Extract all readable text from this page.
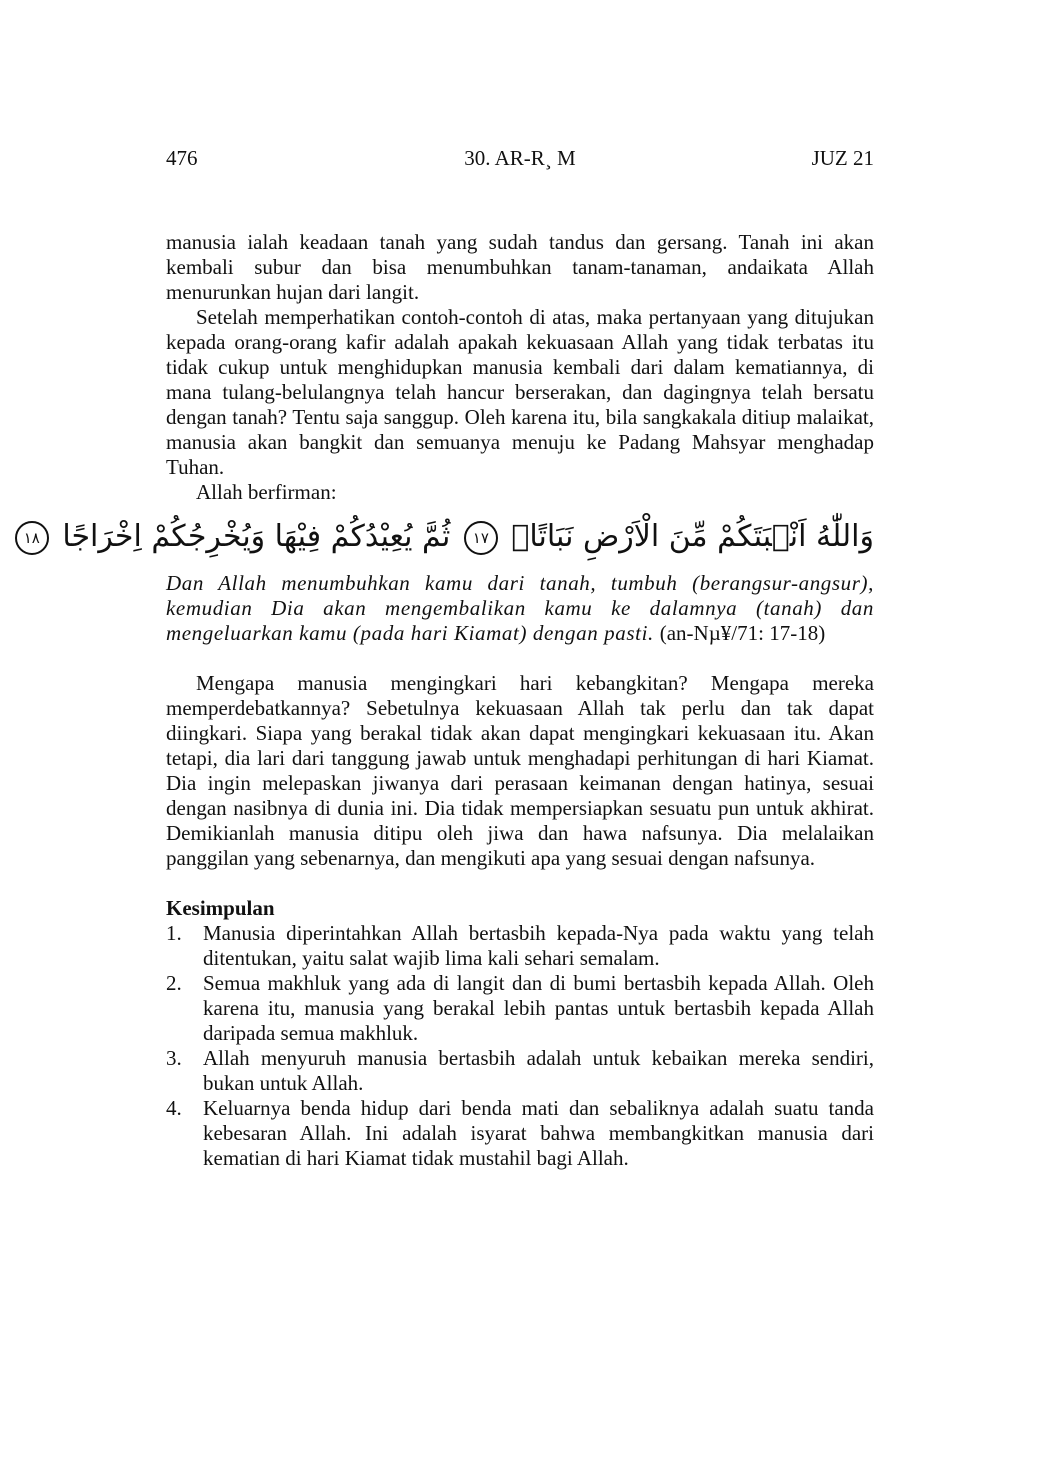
476	30. AR-R¸ M	JUZ 21

manusia ialah keadaan tanah yang sudah tandus dan gersang. Tanah ini akan kembali subur dan bisa menumbuhkan tanam-tanaman, andaikata Allah menurunkan hujan dari langit.

Setelah memperhatikan contoh-contoh di atas, maka pertanyaan yang ditujukan kepada orang-orang kafir adalah apakah kekuasaan Allah yang tidak terbatas itu tidak cukup untuk menghidupkan manusia kembali dari dalam kematiannya, di mana tulang-belulangnya telah hancur berserakan, dan dagingnya telah bersatu dengan tanah? Tentu saja sanggup. Oleh karena itu, bila sangkakala ditiup malaikat, manusia akan bangkit dan semuanya menuju ke Padang Mahsyar menghadap Tuhan.

Allah berfirman:

وَاللّٰهُ اَنْۢبَتَكُمْ مِّنَ الْاَرْضِ نَبَاتًاۙ ١٧ ثُمَّ يُعِيْدُكُمْ فِيْهَا وَيُخْرِجُكُمْ اِخْرَاجًا ١٨

Dan Allah menumbuhkan kamu dari tanah, tumbuh (berangsur-angsur), kemudian Dia akan mengembalikan kamu ke dalamnya (tanah) dan mengeluarkan kamu (pada hari Kiamat) dengan pasti. (an-Nµ¥/71: 17-18)

Mengapa manusia mengingkari hari kebangkitan? Mengapa mereka memperdebatkannya? Sebetulnya kekuasaan Allah tak perlu dan tak dapat diingkari. Siapa yang berakal tidak akan dapat mengingkari kekuasaan itu. Akan tetapi, dia lari dari tanggung jawab untuk menghadapi perhitungan di hari Kiamat. Dia ingin melepaskan jiwanya dari perasaan keimanan dengan hatinya, sesuai dengan nasibnya di dunia ini. Dia tidak mempersiapkan sesuatu pun untuk akhirat. Demikianlah manusia ditipu oleh jiwa dan hawa nafsunya. Dia melalaikan panggilan yang sebenarnya, dan mengikuti apa yang sesuai dengan nafsunya.

Kesimpulan

1. Manusia diperintahkan Allah bertasbih kepada-Nya pada waktu yang telah ditentukan, yaitu salat wajib lima kali sehari semalam.
2. Semua makhluk yang ada di langit dan di bumi bertasbih kepada Allah. Oleh karena itu, manusia yang berakal lebih pantas untuk bertasbih kepada Allah daripada semua makhluk.
3. Allah menyuruh manusia bertasbih adalah untuk kebaikan mereka sendiri, bukan untuk Allah.
4. Keluarnya benda hidup dari benda mati dan sebaliknya adalah suatu tanda kebesaran Allah. Ini adalah isyarat bahwa membangkitkan manusia dari kematian di hari Kiamat tidak mustahil bagi Allah.
